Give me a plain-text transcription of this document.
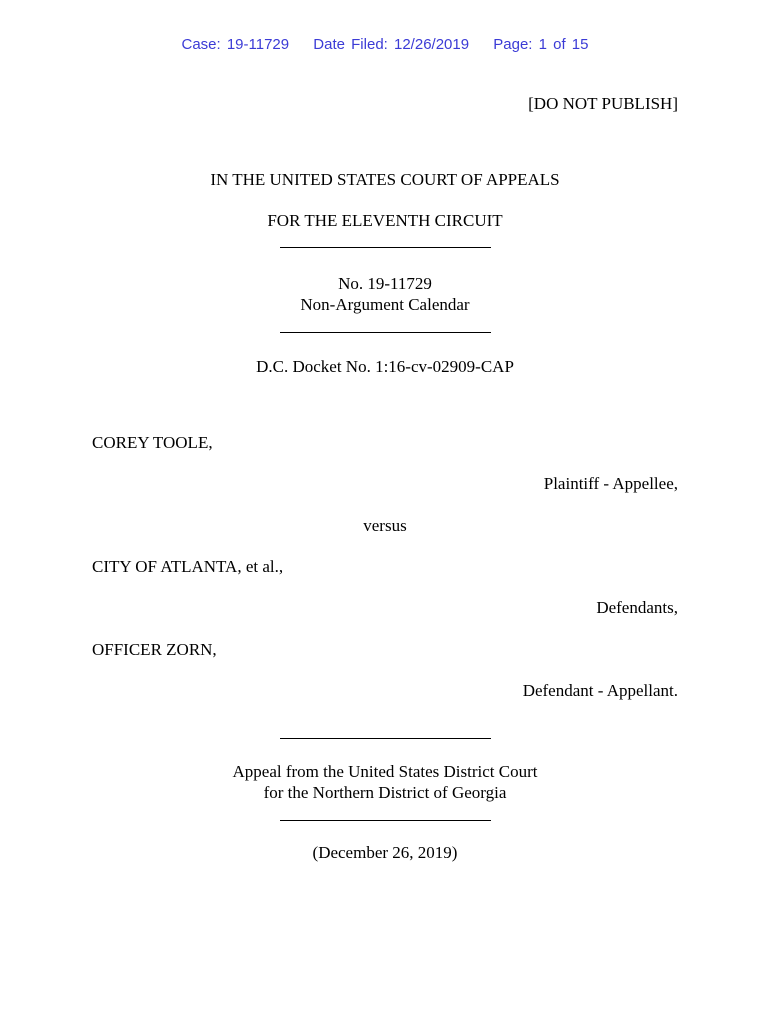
Case: 19-11729 Date Filed: 12/26/2019 Page: 1 of 15
[DO NOT PUBLISH]
IN THE UNITED STATES COURT OF APPEALS
FOR THE ELEVENTH CIRCUIT
No. 19-11729
Non-Argument Calendar
D.C. Docket No. 1:16-cv-02909-CAP
COREY TOOLE,
Plaintiff - Appellee,
versus
CITY OF ATLANTA, et al.,
Defendants,
OFFICER ZORN,
Defendant - Appellant.
Appeal from the United States District Court
for the Northern District of Georgia
(December 26, 2019)
